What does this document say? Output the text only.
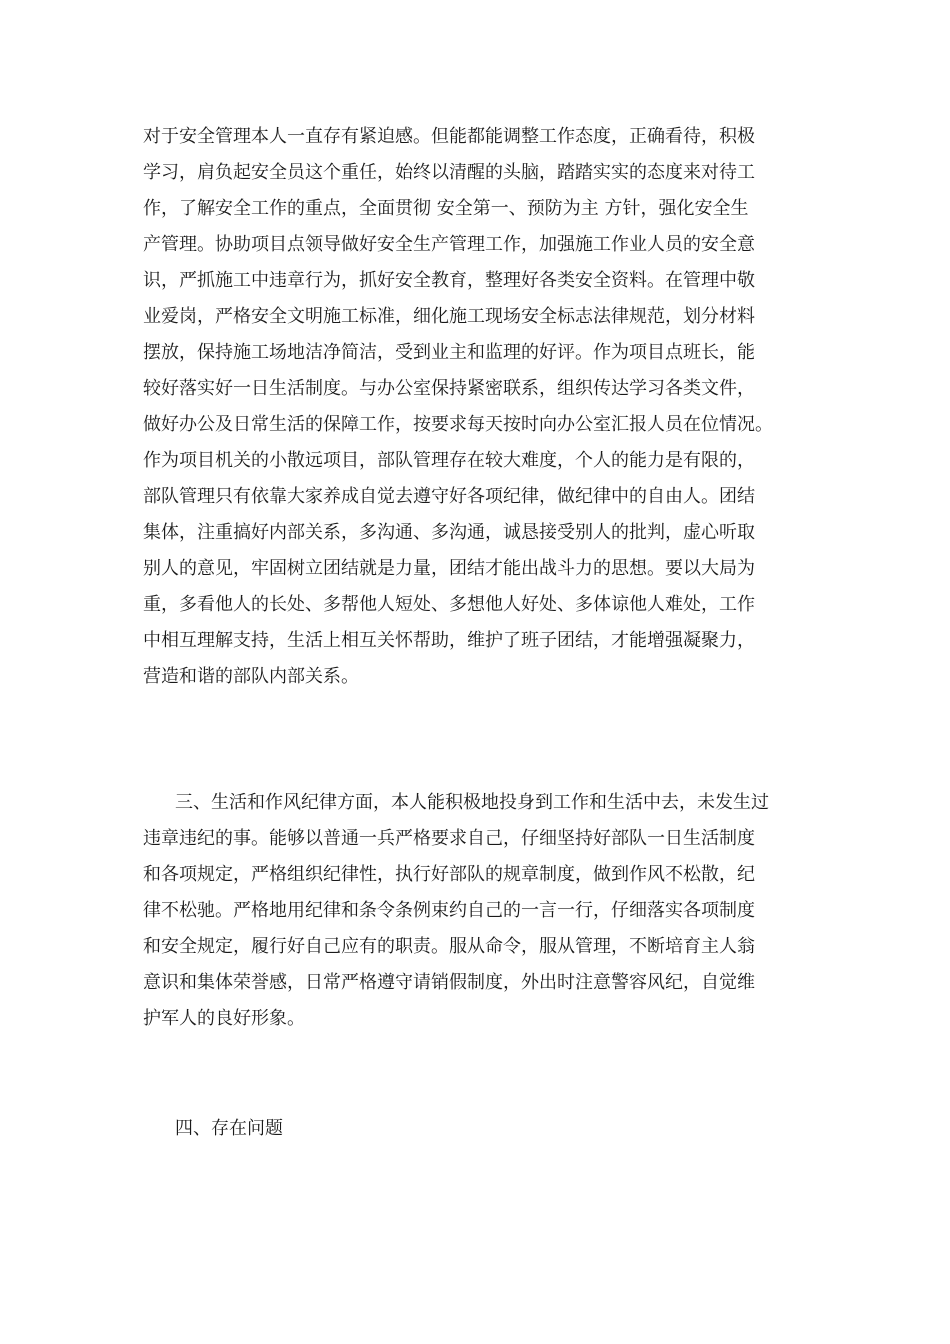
对于安全管理本人一直存有紧迫感。但能都能调整工作态度，正确看待，积极
学习，肩负起安全员这个重任，始终以清醒的头脑，踏踏实实的态度来对待工
作，了解安全工作的重点，全面贯彻 安全第一、预防为主 方针，强化安全生
产管理。协助项目点领导做好安全生产管理工作，加强施工作业人员的安全意
识，严抓施工中违章行为，抓好安全教育，整理好各类安全资料。在管理中敬
业爱岗，严格安全文明施工标准，细化施工现场安全标志法律规范，划分材料
摆放，保持施工场地洁净简洁，受到业主和监理的好评。作为项目点班长，能
较好落实好一日生活制度。与办公室保持紧密联系，组织传达学习各类文件，
做好办公及日常生活的保障工作，按要求每天按时向办公室汇报人员在位情况。
作为项目机关的小散远项目，部队管理存在较大难度，个人的能力是有限的，
部队管理只有依靠大家养成自觉去遵守好各项纪律，做纪律中的自由人。团结
集体，注重搞好内部关系，多沟通、多沟通，诚恳接受别人的批判，虚心听取
别人的意见，牢固树立团结就是力量，团结才能出战斗力的思想。要以大局为
重，多看他人的长处、多帮他人短处、多想他人好处、多体谅他人难处，工作
中相互理解支持，生活上相互关怀帮助，维护了班子团结，才能增强凝聚力，
营造和谐的部队内部关系。
三、生活和作风纪律方面，本人能积极地投身到工作和生活中去，未发生过
违章违纪的事。能够以普通一兵严格要求自己，仔细坚持好部队一日生活制度
和各项规定，严格组织纪律性，执行好部队的规章制度，做到作风不松散，纪
律不松驰。严格地用纪律和条令条例束约自己的一言一行，仔细落实各项制度
和安全规定，履行好自己应有的职责。服从命令，服从管理，不断培育主人翁
意识和集体荣誉感，日常严格遵守请销假制度，外出时注意警容风纪，自觉维
护军人的良好形象。
四、存在问题
